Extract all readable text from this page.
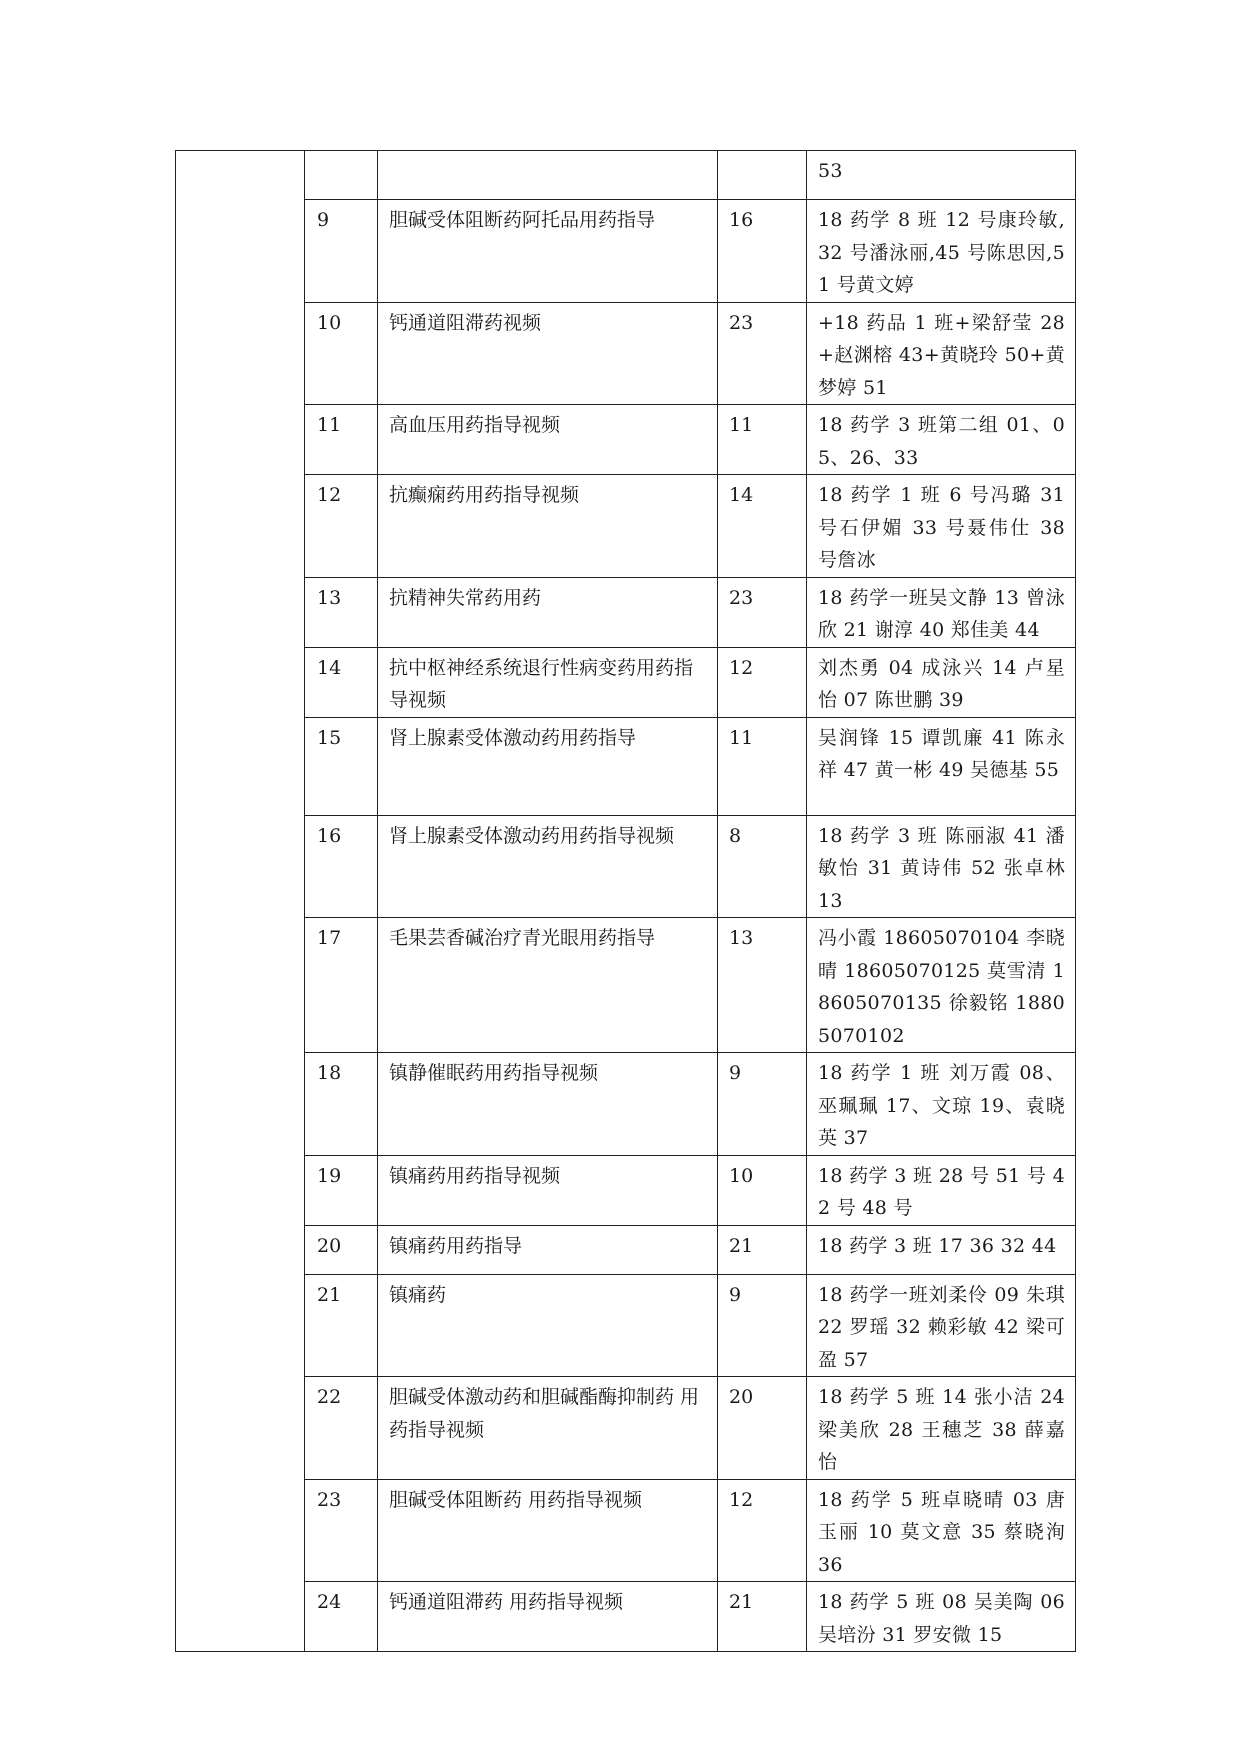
				53
	9	胆碱受体阻断药阿托品用药指导	16	18 药学 8 班 12 号康玲敏,32 号潘泳丽,45 号陈思因,51 号黄文婷
	10	钙通道阻滞药视频	23	+18 药品 1 班+梁舒莹 28+赵渊榕 43+黄晓玲 50+黄梦婷 51
	11	高血压用药指导视频	11	18 药学 3 班第二组 01、05、26、33
	12	抗癫痫药用药指导视频	14	18 药学 1 班 6 号冯璐 31 号石伊媚 33 号聂伟仕 38 号詹冰
	13	抗精神失常药用药	23	18 药学一班吴文静 13 曾泳欣 21 谢淳 40 郑佳美 44
	14	抗中枢神经系统退行性病变药用药指导视频	12	刘杰勇 04 成泳兴 14 卢星怡 07 陈世鹏 39
	15	肾上腺素受体激动药用药指导	11	吴润锋 15 谭凯廉 41 陈永祥 47 黄一彬 49 吴德基 55
	16	肾上腺素受体激动药用药指导视频	8	18 药学 3 班 陈丽淑 41 潘敏怡 31 黄诗伟 52 张卓林 13
	17	毛果芸香碱治疗青光眼用药指导	13	冯小霞 18605070104 李晓晴 18605070125 莫雪清 18605070135 徐毅铭 18805070102
	18	镇静催眠药用药指导视频	9	18 药学 1 班 刘万霞 08、巫珮珮 17、文琼 19、袁晓英 37
	19	镇痛药用药指导视频	10	18 药学 3 班 28 号 51 号 42 号 48 号
	20	镇痛药用药指导	21	18 药学 3 班 17 36 32 44
	21	镇痛药	9	18 药学一班刘柔伶 09 朱琪 22 罗瑶 32 赖彩敏 42 梁可盈 57
	22	胆碱受体激动药和胆碱酯酶抑制药 用药指导视频	20	18 药学 5 班 14 张小洁 24 梁美欣 28 王穗芝 38 薛嘉怡
	23	胆碱受体阻断药 用药指导视频	12	18 药学 5 班卓晓晴 03 唐玉丽 10 莫文意 35 蔡晓洵 36
	24	钙通道阻滞药 用药指导视频	21	18 药学 5 班 08 吴美陶 06 吴培汾 31 罗安微 15
